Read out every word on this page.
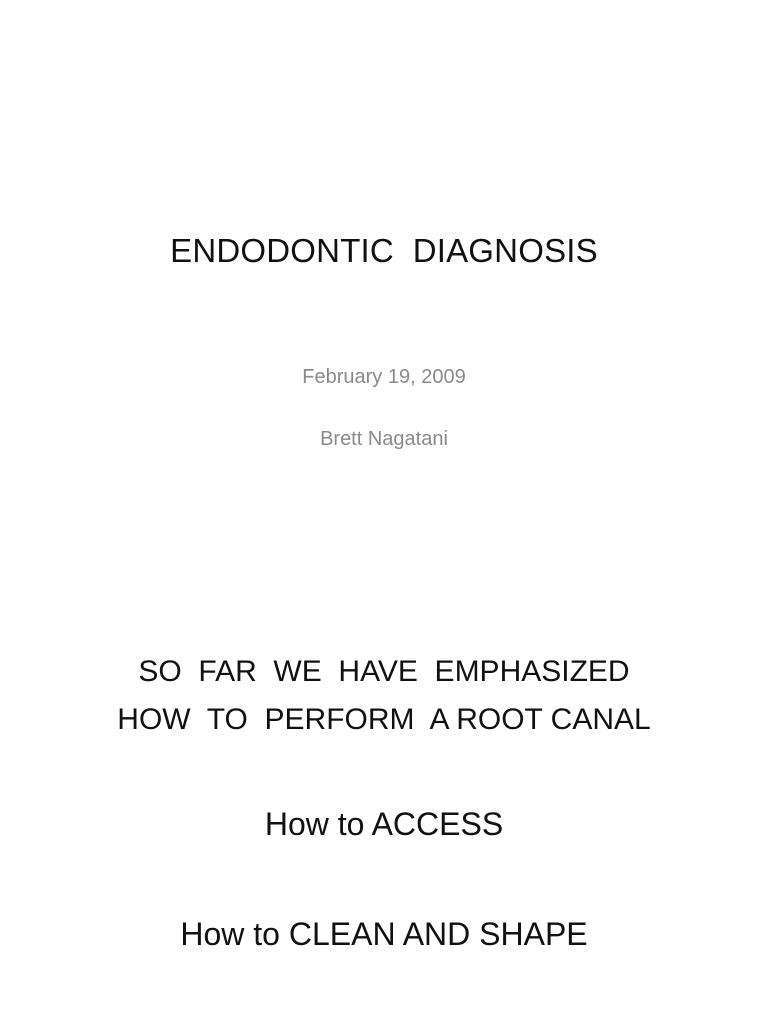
ENDODONTIC  DIAGNOSIS
February 19, 2009
Brett Nagatani
SO  FAR  WE  HAVE  EMPHASIZED
HOW  TO  PERFORM  A ROOT CANAL
How to ACCESS
How to CLEAN AND SHAPE
